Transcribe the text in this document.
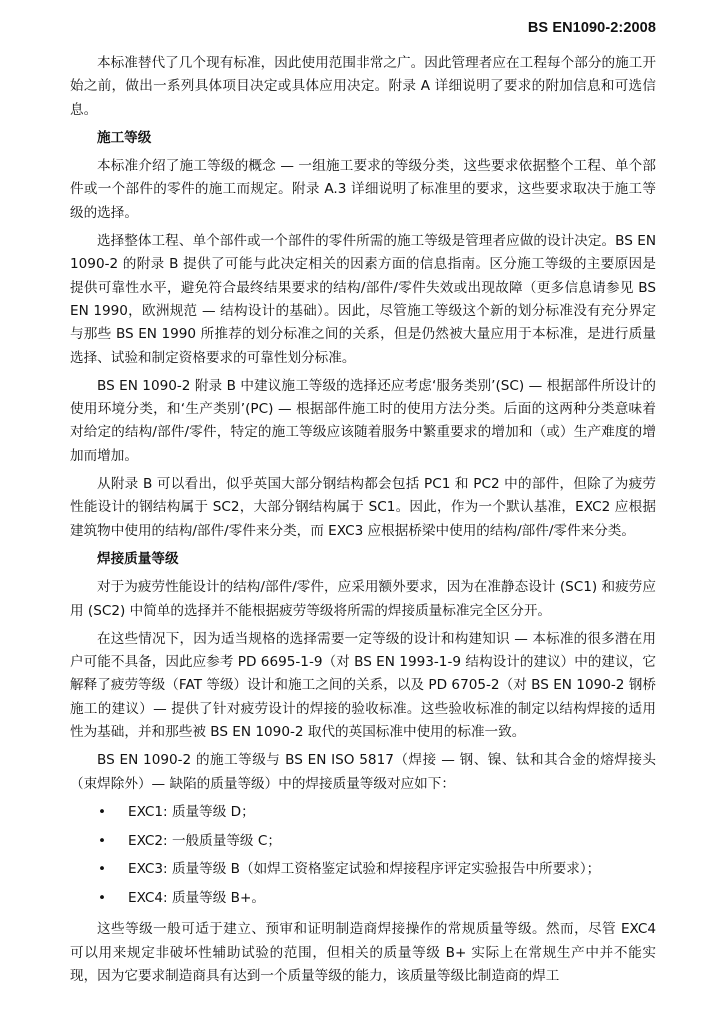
BS EN1090-2:2008

本标准替代了几个现有标准，因此使用范围非常之广。因此管理者应在工程每个部分的施工开始之前，做出一系列具体项目决定或具体应用决定。附录 A 详细说明了要求的附加信息和可选信息。

施工等级

本标准介绍了施工等级的概念 — 一组施工要求的等级分类，这些要求依据整个工程、单个部件或一个部件的零件的施工而规定。附录 A.3 详细说明了标准里的要求，这些要求取决于施工等级的选择。

选择整体工程、单个部件或一个部件的零件所需的施工等级是管理者应做的设计决定。BS EN 1090-2 的附录 B 提供了可能与此决定相关的因素方面的信息指南。区分施工等级的主要原因是提供可靠性水平，避免符合最终结果要求的结构/部件/零件失效或出现故障（更多信息请参见 BS EN 1990，欧洲规范 — 结构设计的基础）。因此，尽管施工等级这个新的划分标准没有充分界定与那些 BS EN 1990 所推荐的划分标准之间的关系，但是仍然被大量应用于本标准，是进行质量选择、试验和制定资格要求的可靠性划分标准。

BS EN 1090-2 附录 B 中建议施工等级的选择还应考虑‘服务类别’(SC) — 根据部件所设计的使用环境分类，和‘生产类别’(PC) — 根据部件施工时的使用方法分类。后面的这两种分类意味着对给定的结构/部件/零件，特定的施工等级应该随着服务中繁重要求的增加和（或）生产难度的增加而增加。

从附录 B 可以看出，似乎英国大部分钢结构都会包括 PC1 和 PC2 中的部件，但除了为疲劳性能设计的钢结构属于 SC2，大部分钢结构属于 SC1。因此，作为一个默认基准，EXC2 应根据建筑物中使用的结构/部件/零件来分类，而 EXC3 应根据桥梁中使用的结构/部件/零件来分类。

焊接质量等级

对于为疲劳性能设计的结构/部件/零件，应采用额外要求，因为在准静态设计 (SC1) 和疲劳应用 (SC2) 中简单的选择并不能根据疲劳等级将所需的焊接质量标准完全区分开。

在这些情况下，因为适当规格的选择需要一定等级的设计和构建知识 — 本标准的很多潜在用户可能不具备，因此应参考 PD 6695-1-9（对 BS EN 1993-1-9 结构设计的建议）中的建议，它解释了疲劳等级（FAT 等级）设计和施工之间的关系，以及 PD 6705-2（对 BS EN 1090-2 钢桥施工的建议）— 提供了针对疲劳设计的焊接的验收标准。这些验收标准的制定以结构焊接的适用性为基础，并和那些被 BS EN 1090-2 取代的英国标准中使用的标准一致。

BS EN 1090-2 的施工等级与 BS EN ISO 5817（焊接 — 钢、镍、钛和其合金的熔焊接头（束焊除外）— 缺陷的质量等级）中的焊接质量等级对应如下：

• EXC1: 质量等级 D；
• EXC2: 一般质量等级 C；
• EXC3: 质量等级 B（如焊工资格鉴定试验和焊接程序评定实验报告中所要求）；
• EXC4: 质量等级 B+。

这些等级一般可适于建立、预审和证明制造商焊接操作的常规质量等级。然而，尽管 EXC4 可以用来规定非破坏性辅助试验的范围，但相关的质量等级 B+ 实际上在常规生产中并不能实现，因为它要求制造商具有达到一个质量等级的能力，该质量等级比制造商的焊工
